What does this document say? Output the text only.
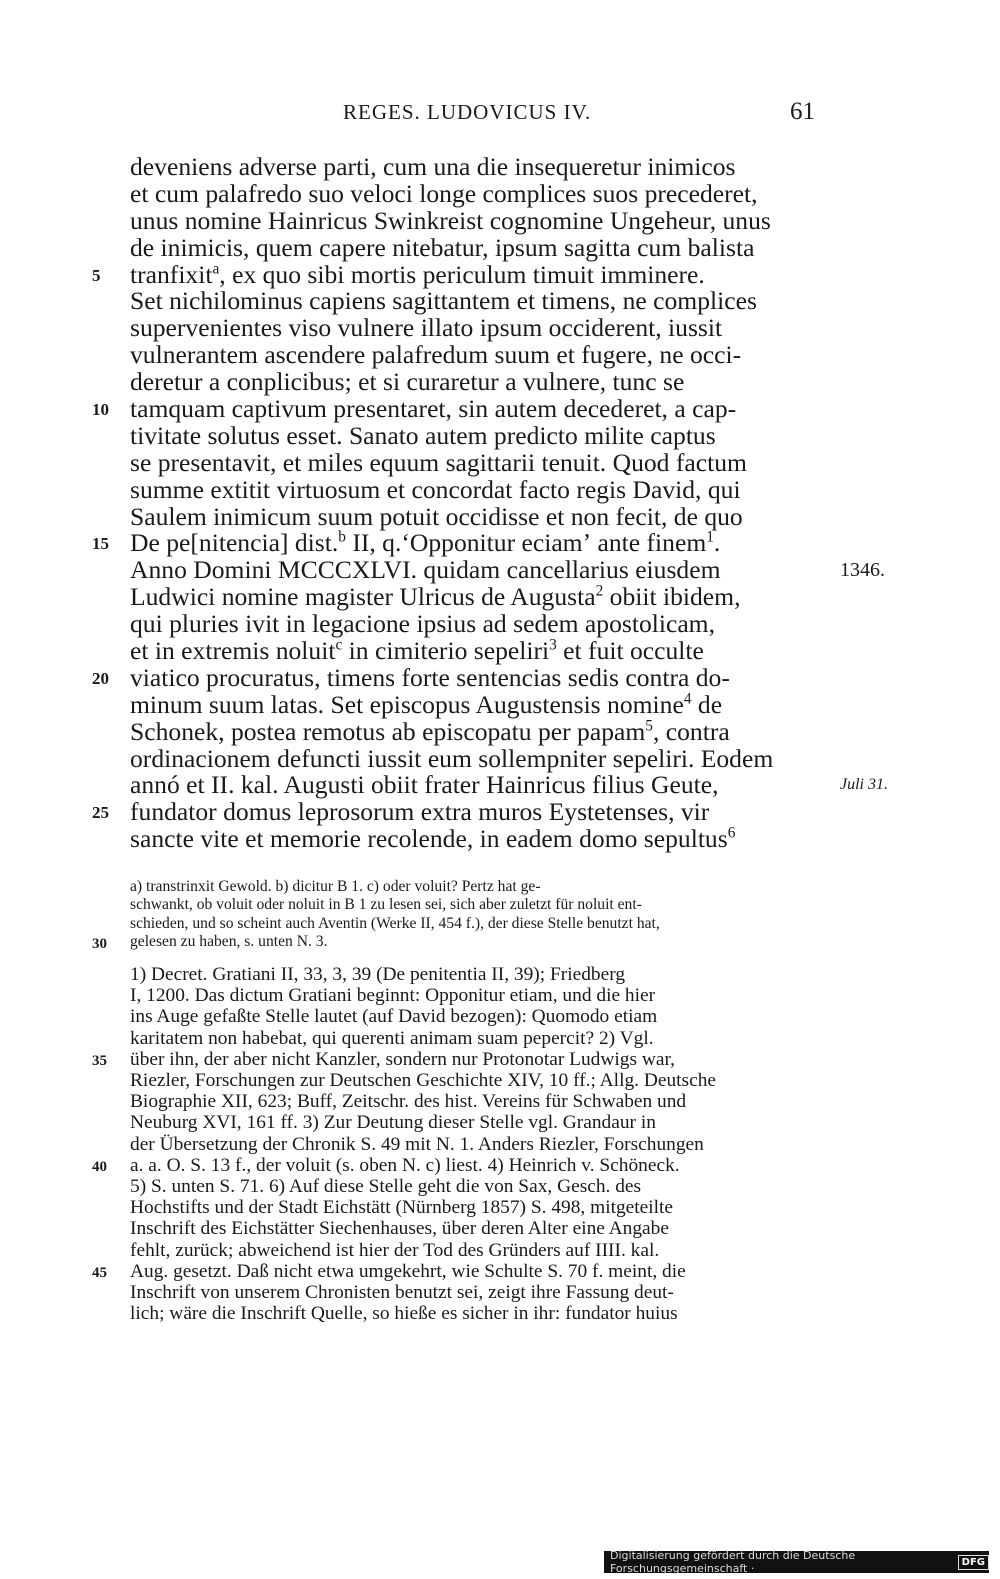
REGES. LUDOVICUS IV.	61
deveniens adverse parti, cum una die insequeretur inimicos
et cum palafredo suo veloci longe complices suos precederet,
unus nomine Hainricus Swinkreist cognomine Ungeheur, unus
de inimicis, quem capere nitebatur, ipsum sagitta cum balista
5	tranfixit$^a$, ex quo sibi mortis periculum timuit imminere.
Set nichilominus capiens sagittantem et timens, ne complices
supervenientes viso vulnere illato ipsum occiderent, iussit
vulnerantem ascendere palafredum suum et fugere, ne occi-
deretur a conplicibus; et si curaretur a vulnere, tunc se
10 tamquam captivum presentaret, sin autem decederet, a cap-
tivitate solutus esset. Sanato autem predicto milite captus
se presentavit, et miles equum sagittarii tenuit. Quod factum
summe extitit virtuosum et concordat facto regis David, qui
Saulem inimicum suum potuit occidisse et non fecit, de quo
15 De pe[nitencia] dist.$^b$ II, q.ʻOpponitur eciamʼ ante finem$^1$.
Anno Domini MCCCXLVI. quidam cancellarius eiusdem	1346.
Ludwici nomine magister Ulricus de Augusta$^2$ obiit ibidem,
qui pluries ivit in legacione ipsius ad sedem apostolicam,
et in extremis noluit$^c$ in cimiterio sepeliri$^3$ et fuit occulte
20 viatico procuratus, timens forte sentencias sedis contra do-
minum suum latas. Set episcopus Augustensis nomine$^4$ de
Schonek, postea remotus ab episcopatu per papam$^5$, contra
ordinacionem defuncti iussit eum sollempniter sepeliri. Eodem
annó et II. kal. Augusti obiit frater Hainricus filius Geute,	Juli 31.
25 fundator domus leprosorum extra muros Eystetenses, vir
sancte vite et memorie recolende, in eadem domo sepultus$^6$
a) transtrinxit Gewold. b) dicitur B 1. c) oder voluit? Pertz hat ge-
schwankt, ob voluit oder noluit in B 1 zu lesen sei, sich aber zuletzt für noluit ent-
schieden, und so scheint auch Aventin (Werke II, 454 f.), der diese Stelle benutzt hat,
30	gelesen zu haben, s. unten N. 3.
1) Decret. Gratiani II, 33, 3, 39 (De penitentia II, 39); Friedberg
I, 1200. Das dictum Gratiani beginnt: Opponitur etiam, und die hier
ins Auge gefaßte Stelle lautet (auf David bezogen): Quomodo etiam
karitatem non habebat, qui querenti animam suam pepercit? 2) Vgl.
35	über ihn, der aber nicht Kanzler, sondern nur Protonotar Ludwigs war,
Riezler, Forschungen zur Deutschen Geschichte XIV, 10 ff.; Allg. Deutsche
Biographie XII, 623; Buff, Zeitschr. des hist. Vereins für Schwaben und
Neuburg XVI, 161 ff. 3) Zur Deutung dieser Stelle vgl. Grandaur in
der Übersetzung der Chronik S. 49 mit N. 1. Anders Riezler, Forschungen
40	a. a. O. S. 13 f., der voluit (s. oben N. c) liest. 4) Heinrich v. Schöneck.
5) S. unten S. 71. 6) Auf diese Stelle geht die von Sax, Gesch. des
Hochstifts und der Stadt Eichstätt (Nürnberg 1857) S. 498, mitgeteilte
Inschrift des Eichstätter Siechenhauses, über deren Alter eine Angabe
fehlt, zurück; abweichend ist hier der Tod des Gründers auf IIII. kal.
45	Aug. gesetzt. Daß nicht etwa umgekehrt, wie Schulte S. 70 f. meint, die
Inschrift von unserem Chronisten benutzt sei, zeigt ihre Fassung deut-
lich; wäre die Inschrift Quelle, so hieße es sicher in ihr: fundator huius
Digitalisierung gefördert durch die Deutsche Forschungsgemeinschaft ·	DFG
